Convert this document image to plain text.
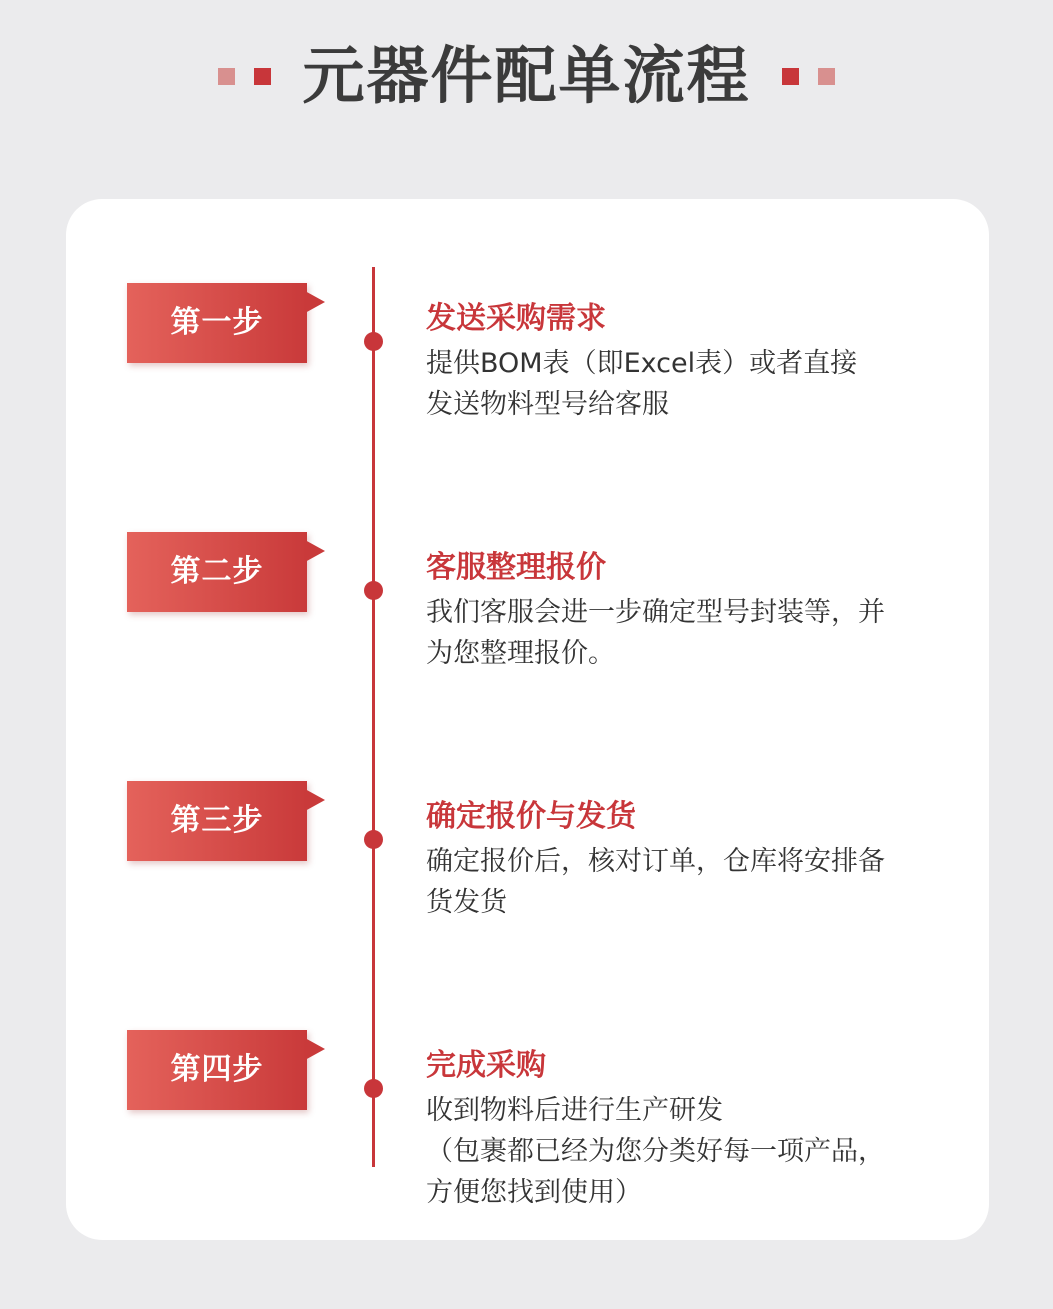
元器件配单流程
第一步	发送采购需求
提供BOM表（即Excel表）或者直接
发送物料型号给客服
第二步	客服整理报价
我们客服会进一步确定型号封装等，并
为您整理报价。
第三步	确定报价与发货
确定报价后，核对订单，仓库将安排备
货发货
第四步	完成采购
收到物料后进行生产研发
（包裹都已经为您分类好每一项产品，
方便您找到使用）
